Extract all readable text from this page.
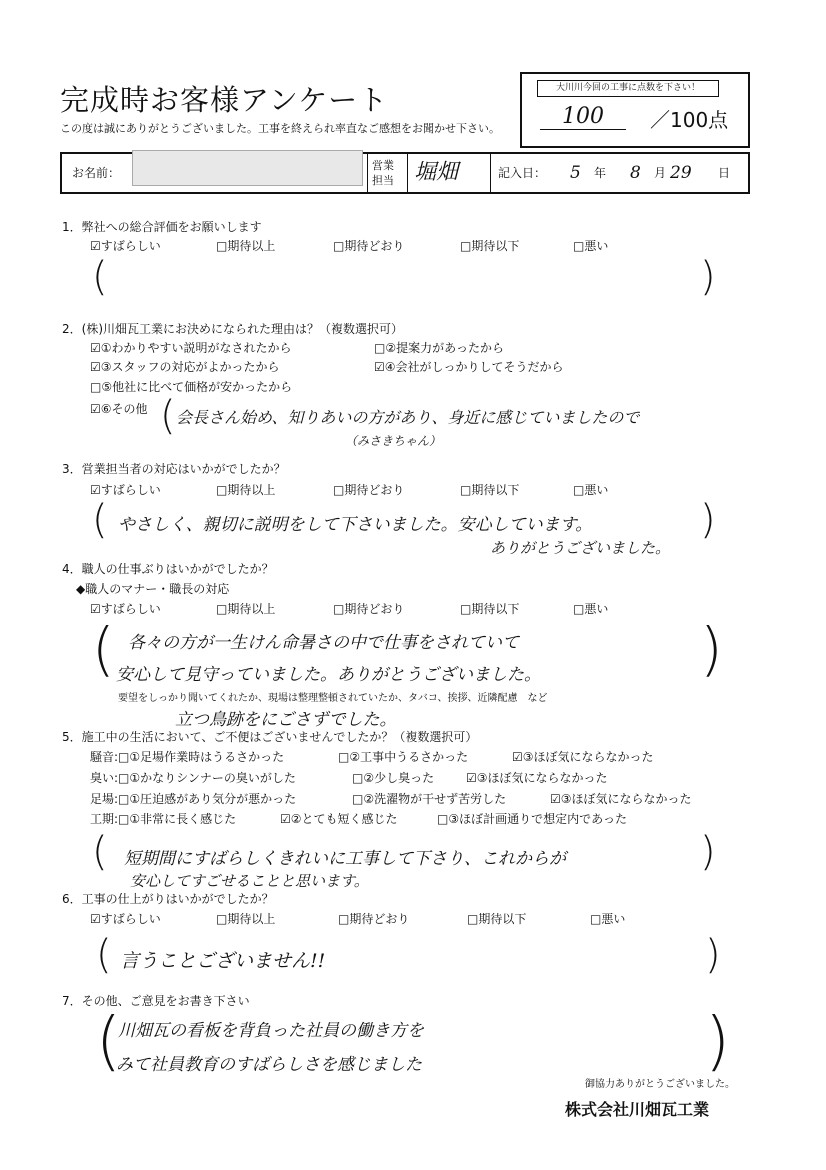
完成時お客様アンケート
この度は誠にありがとうございました。工事を終えられ率直なご感想をお聞かせ下さい。
大川川今回の工事に点数を下さい！
100	／100点
お名前：
営業 担当 堀畑	記入日： 5 年 8 月 29 日
1．弊社への総合評価をお願いします
☑すばらしい	□期待以上	□期待どおり	□期待以下	□悪い
(	)
2．(株)川畑瓦工業にお決めになられた理由は？（複数選択可）
☑①わかりやすい説明がなされたから	□②提案力があったから
☑③スタッフの対応がよかったから	☑④会社がしっかりしてそうだから
□⑤他社に比べて価格が安かったから
☑⑥その他 ( 会長さん始め、知りあいの方があり、身近に感じていましたので
（みさきちゃん）
3．営業担当者の対応はいかがでしたか？
☑すばらしい	□期待以上	□期待どおり	□期待以下	□悪い
( やさしく、親切に説明をして下さいました。安心しています。
ありがとうございました。
)
4．職人の仕事ぶりはいかがでしたか？
◆職人のマナー・職長の対応
☑すばらしい	□期待以上	□期待どおり	□期待以下	□悪い
( 各々の方が一生けん命暑さの中で仕事をされていて
安心して見守っていました。ありがとうございました。
要望をしっかり聞いてくれたか、現場は整理整頓されていたか、タバコ、挨拶、近隣配慮　など
立つ鳥跡をにごさずでした。
)
5．施工中の生活において、ご不便はございませんでしたか？（複数選択可）
騒音:□①足場作業時はうるさかった	□②工事中うるさかった	☑③ほぼ気にならなかった
臭い:□①かなりシンナーの臭いがした	□②少し臭った	☑③ほぼ気にならなかった
足場:□①圧迫感があり気分が悪かった	□②洗濯物が干せず苦労した	☑③ほぼ気にならなかった
工期:□①非常に長く感じた	☑②とても短く感じた	□③ほぼ計画通りで想定内であった
( 短期間にすばらしくきれいに工事して下さり、これからが
安心してすごせることと思います。
)
6．工事の仕上がりはいかがでしたか？
☑すばらしい	□期待以上	□期待どおり	□期待以下	□悪い
( 言うことございません!!	)
7．その他、ご意見をお書き下さい
(
川畑瓦の看板を背負った社員の働き方を
みて社員教育のすばらしさを感じました	)
御協力ありがとうございました。
株式会社川畑瓦工業
